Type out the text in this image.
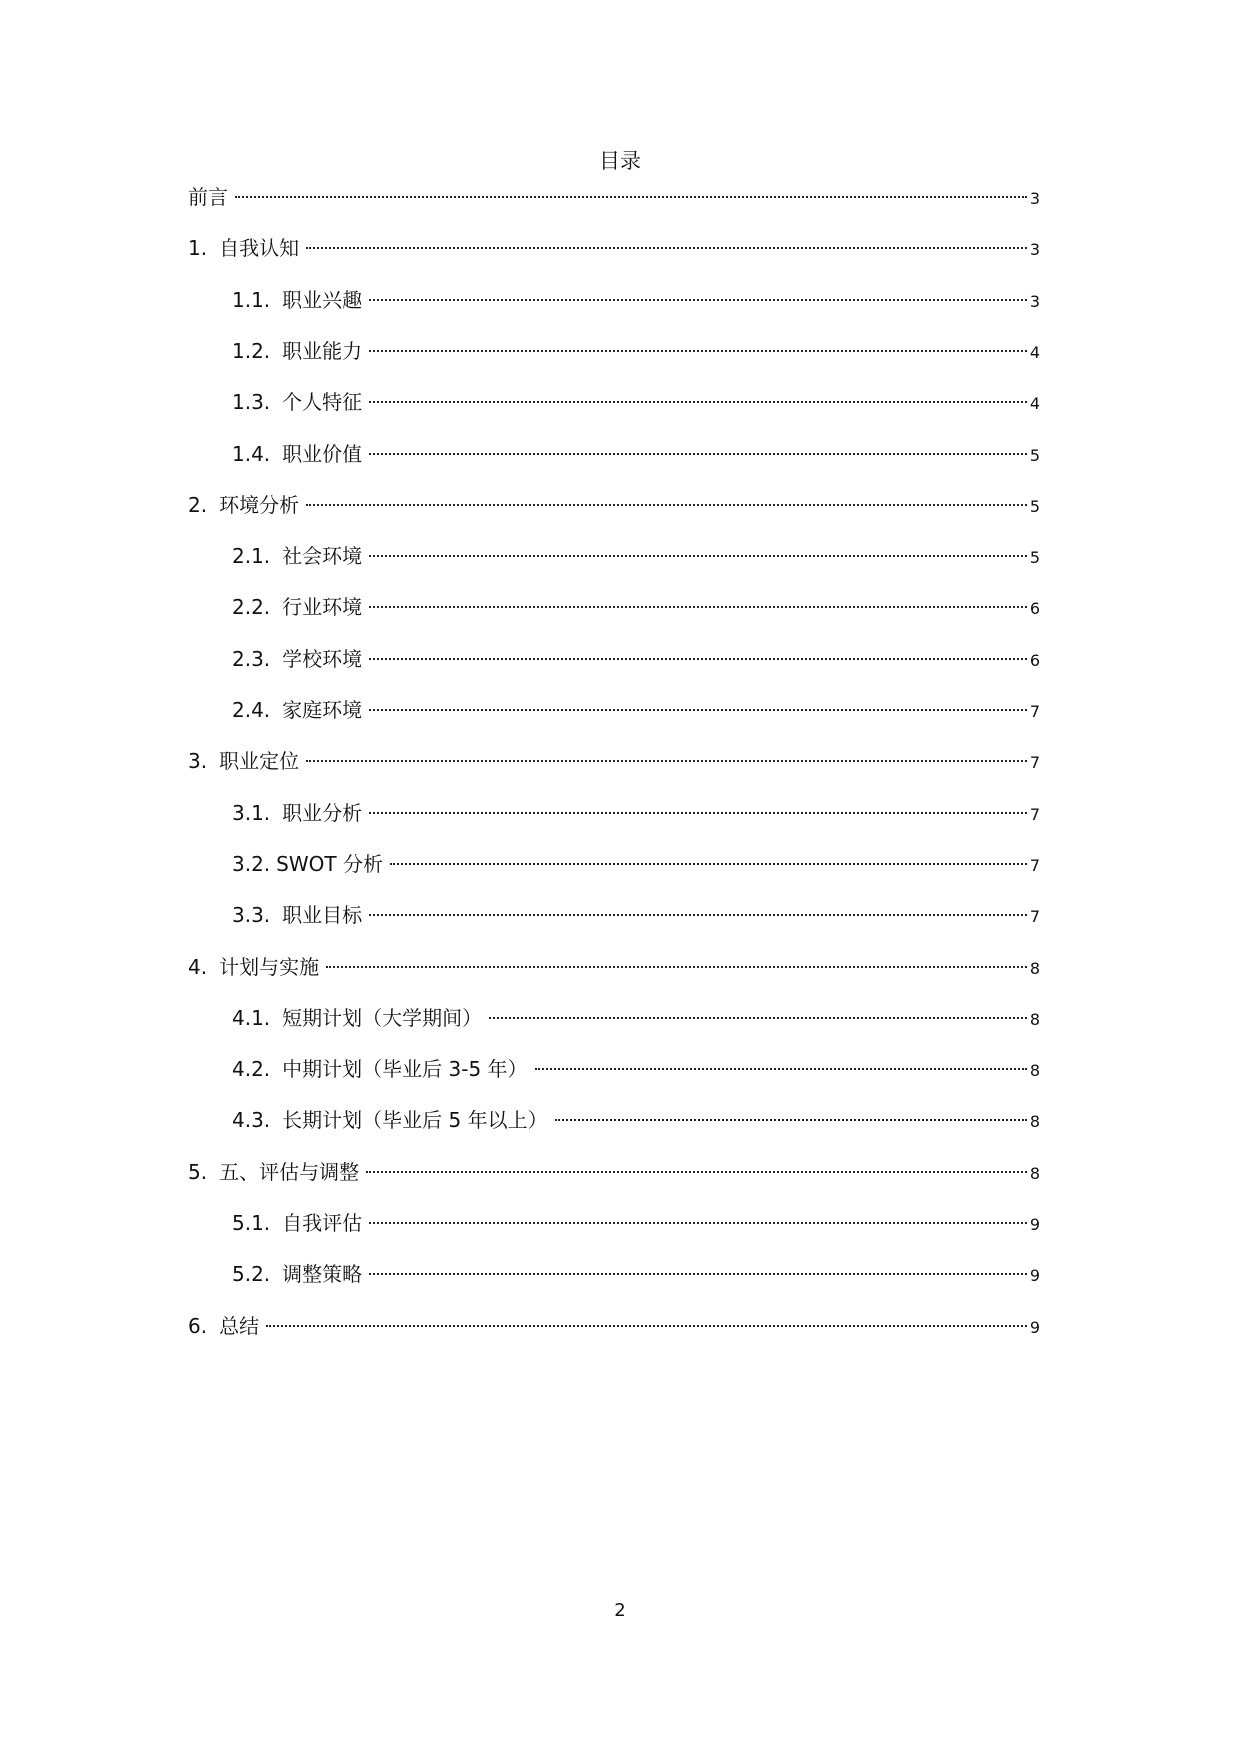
目录
前言	3
1. 自我认知	3
1.1. 职业兴趣	3
1.2. 职业能力	4
1.3. 个人特征	4
1.4. 职业价值	5
2. 环境分析	5
2.1. 社会环境	5
2.2. 行业环境	6
2.3. 学校环境	6
2.4. 家庭环境	7
3. 职业定位	7
3.1. 职业分析	7
3.2. SWOT 分析	7
3.3. 职业目标	7
4. 计划与实施	8
4.1. 短期计划（大学期间）	8
4.2. 中期计划（毕业后 3-5 年）	8
4.3. 长期计划（毕业后 5 年以上）	8
5. 五、评估与调整	8
5.1. 自我评估	9
5.2. 调整策略	9
6. 总结	9
2
